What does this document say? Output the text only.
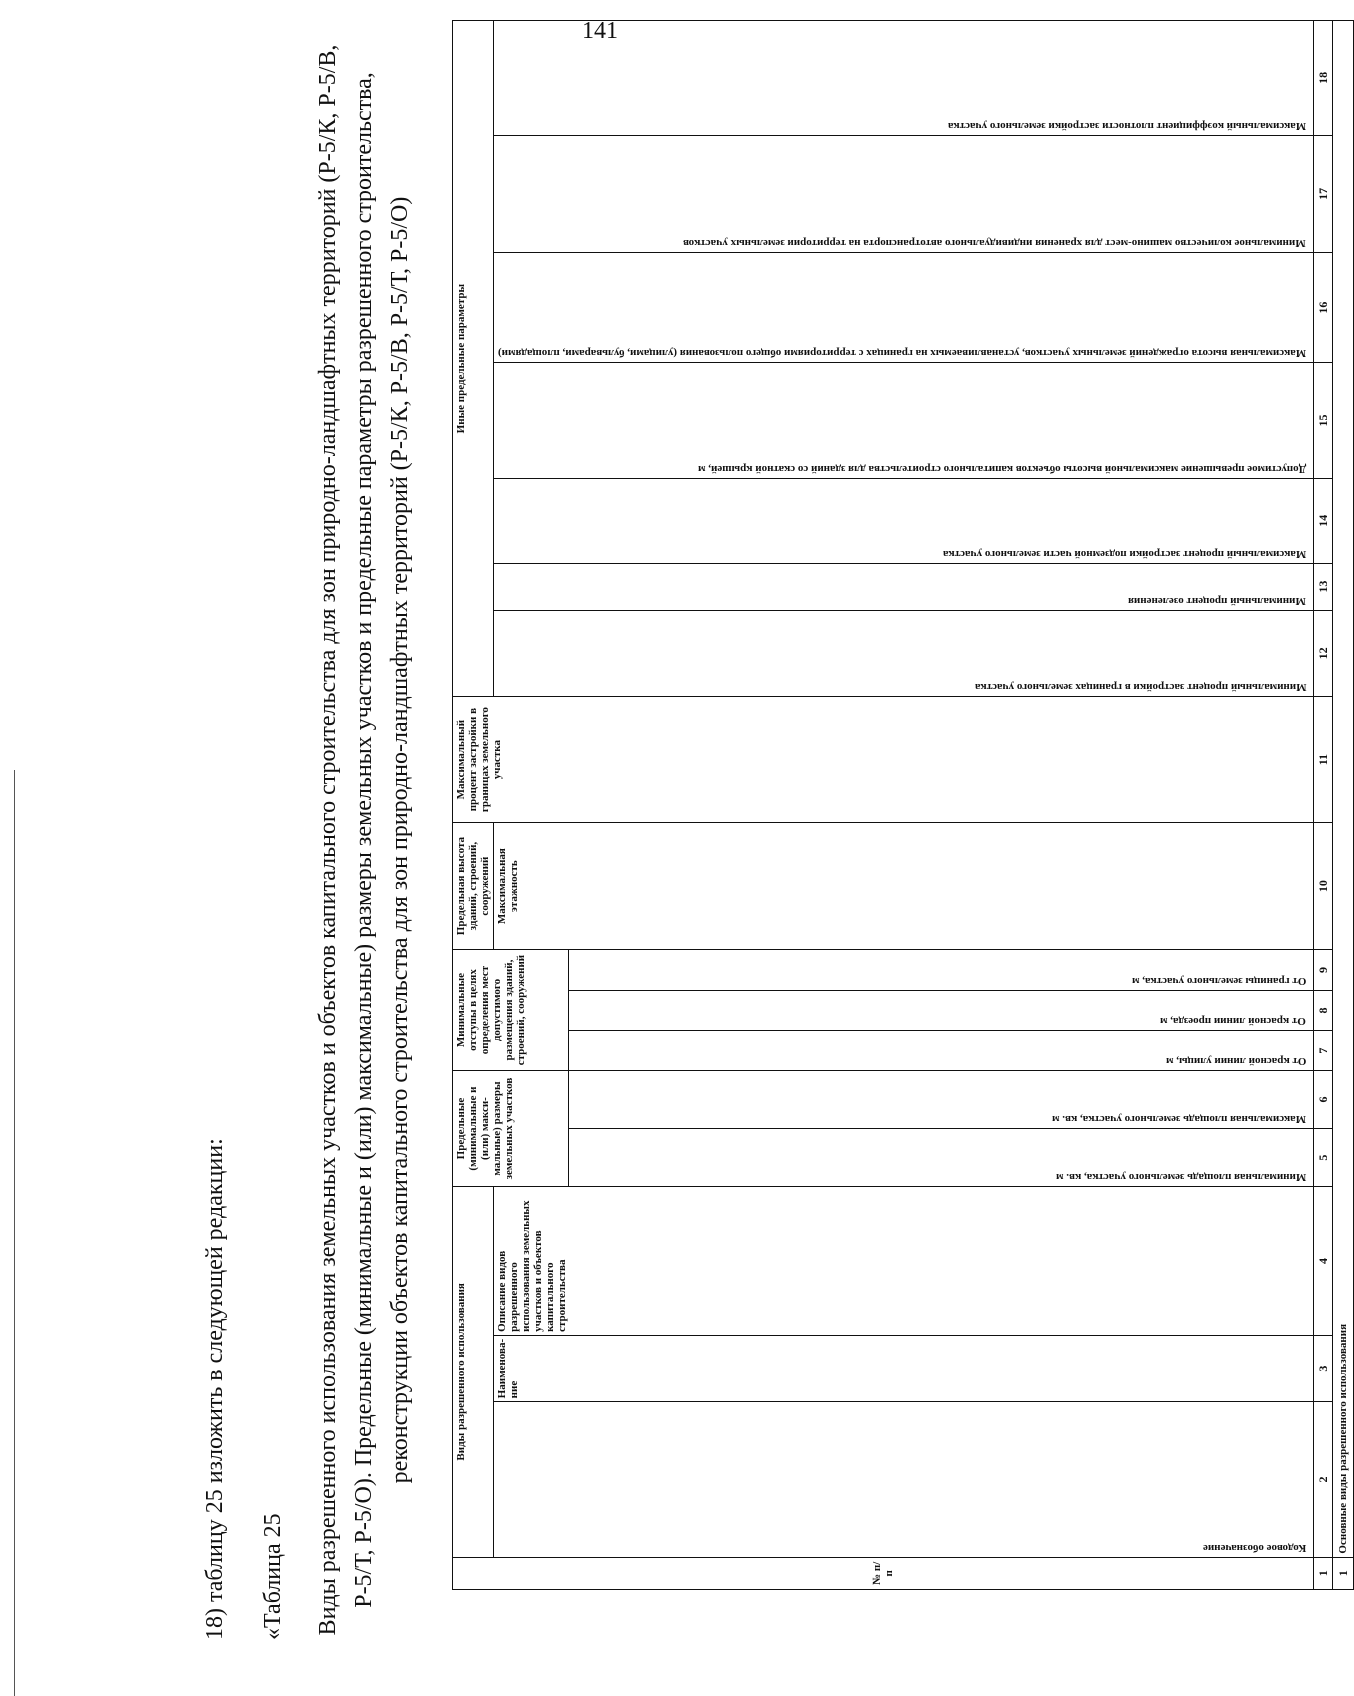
141
18) таблицу 25 изложить в следующей редакции: «Таблица 25 Виды разрешенного использования земельных участков и объектов капитального строительства для зон природно-ландшафтных территорий (Р-5/К, Р-5/В, Р-5/Т, Р-5/О). Предельные (минимальные и (или) максимальные) размеры земельных участков и предельные параметры разрешенного строительства, реконструкции объектов капитального строительства для зон природно-ландшафтных территорий (Р-5/К, Р-5/В, Р-5/Т, Р-5/О)
№ п/п	Виды разрешенного использования			Предельные (минимальные и (или) макси-мальные) размеры земельных участков		Минимальные отступы в целях определения мест допустимого размещения зданий, строений, сооружений			Предельная высота зданий, строений, сооружений	Максимальный процент застройки в границах земельного участка	Иные предельные параметры						
	Кодовое обозначение	Наименова-ние	Описание видов разрешенного использования земельных участков и объектов капитального строительства						Максимальная этажность		Минимальный процент застройки в границах земельного участка	Минимальный процент озеленения	Максимальный процент застройки подземной части земельного участка	Допустимое превышение максимальной высоты объектов капитального строительства для зданий со скатной крышей, м	Максимальная высота ограждений земельных участков, устанавливаемых на границах с территориями общего пользования (улицами, бульварами, площадями)	Минимальное количество машино-мест для хранения индивидуального автотранспорта на территории земельных участков	Максимальный коэффициент плотности застройки земельного участка
				Минимальная площадь земельного участка, кв. м	Максимальная площадь земельного участка, кв. м	От красной линии улицы, м	От красной линии проезда, м	От границы земельного участка, м									
1	2	3	4	5	6	7	8	9	10	11	12	13	14	15	16	17	18
1	Основные виды разрешенного использования																
